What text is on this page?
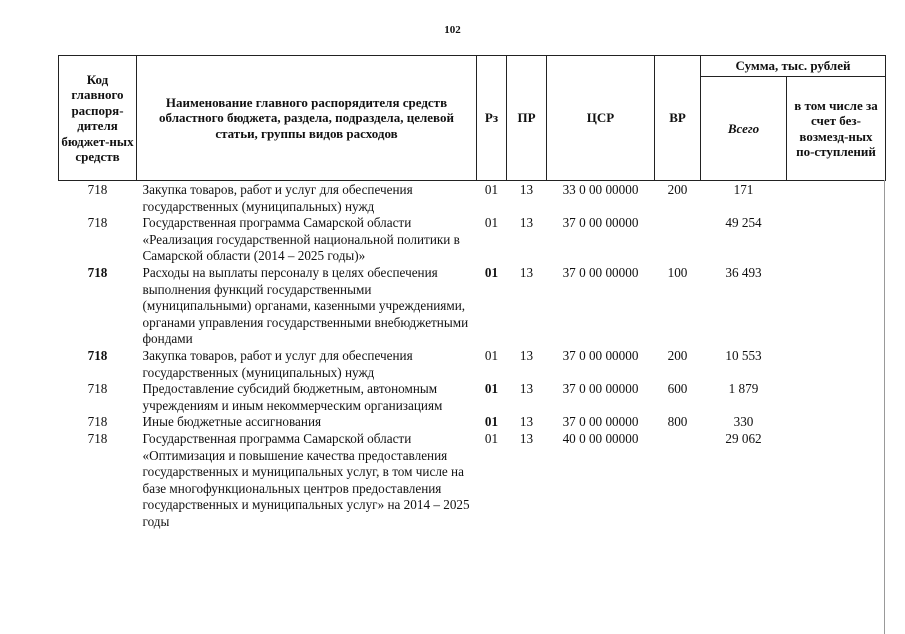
102
Код главного распоря-дителя бюджет-ных средств	Наименование главного распорядителя средств областного бюджета, раздела, подраздела, целевой статьи, группы видов расходов	Рз	ПР	ЦСР	ВР	Сумма, тыс. рублей	
						Всего	в том числе за счет без-возмезд-ных по-ступлений
718	Закупка товаров, работ и услуг для обеспечения государственных (муниципальных) нужд	01	13	33 0 00 00000	200	171	
718	Государственная программа Самарской области «Реализация государственной национальной политики в Самарской области (2014 – 2025 годы)»	01	13	37 0 00 00000		49 254	
718	Расходы на выплаты персоналу в целях обеспечения выполнения функций государственными (муниципальными) органами, казенными учреждениями, органами управления государственными внебюджетными фондами	01	13	37 0 00 00000	100	36 493	
718	Закупка товаров, работ и услуг для обеспечения государственных (муниципальных) нужд	01	13	37 0 00 00000	200	10 553	
718	Предоставление субсидий бюджетным, автономным учреждениям и иным некоммерческим организациям	01	13	37 0 00 00000	600	1 879	
718	Иные бюджетные ассигнования	01	13	37 0 00 00000	800	330	
718	Государственная программа Самарской области «Оптимизация и повышение качества предоставления государственных и муниципальных услуг, в том числе на базе многофункциональных центров предоставления государственных и муниципальных услуг» на 2014 – 2025 годы	01	13	40 0 00 00000		29 062	
